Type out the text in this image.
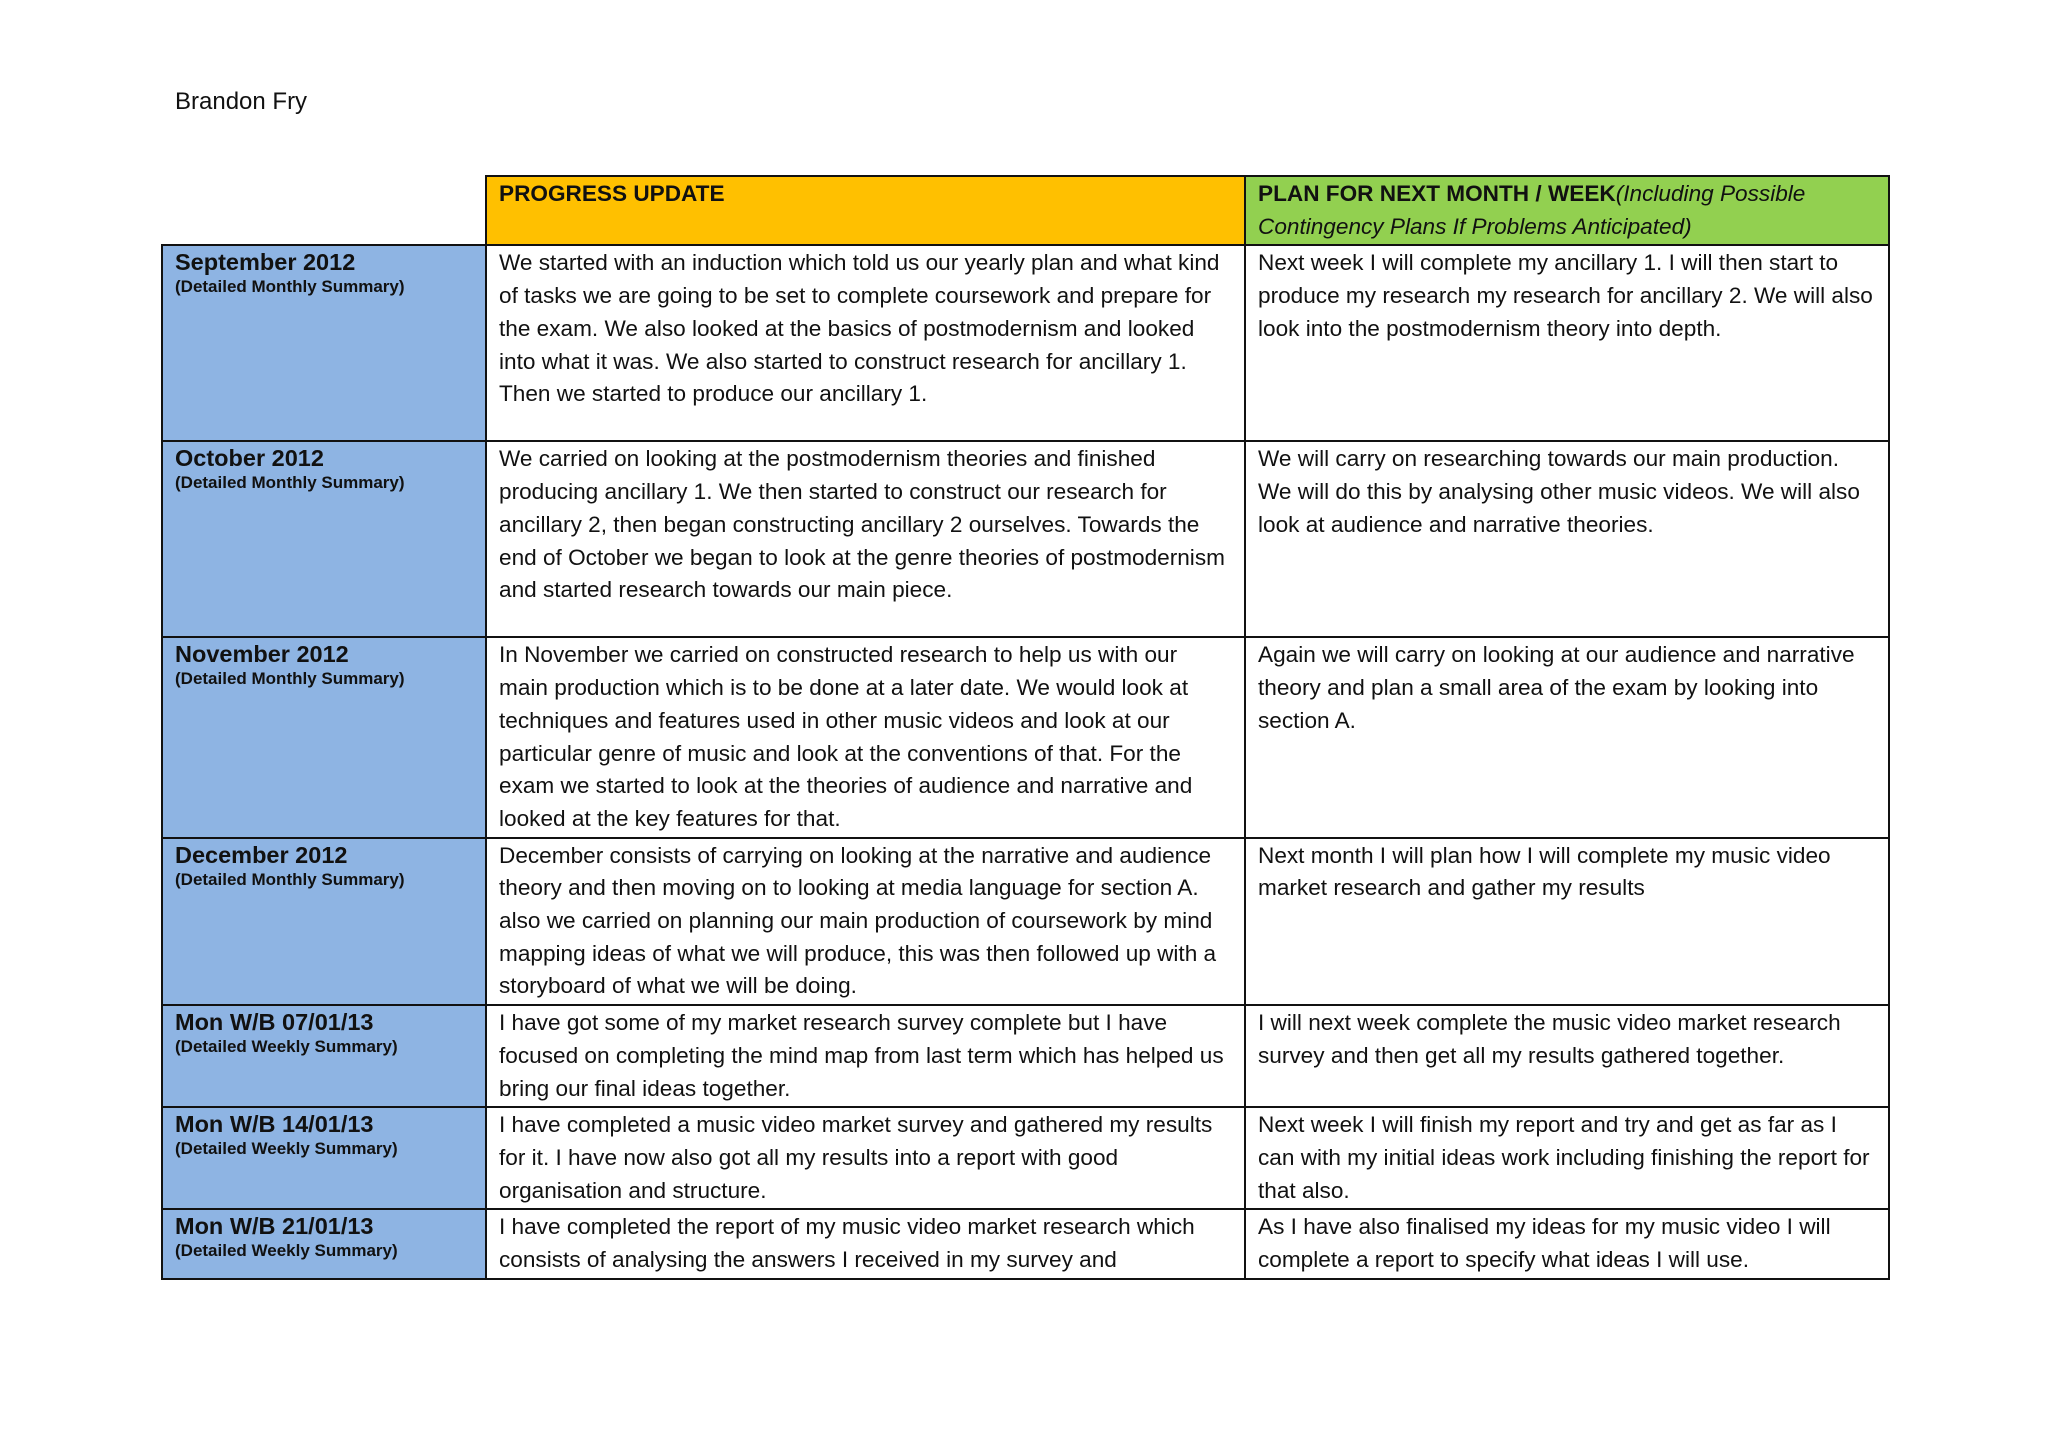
Brandon Fry
	PROGRESS UPDATE	PLAN FOR NEXT MONTH / WEEK(Including Possible Contingency Plans If Problems Anticipated)

September 2012
(Detailed Monthly Summary)	We started with an induction which told us our yearly plan and what kind of tasks we are going to be set to complete coursework and prepare for the exam. We also looked at the basics of postmodernism and looked into what it was. We also started to construct research for ancillary 1. Then we started to produce our ancillary 1.	Next week I will complete my ancillary 1. I will then start to produce my research my research for ancillary 2. We will also look into the postmodernism theory into depth.

October 2012
(Detailed Monthly Summary)	We carried on looking at the postmodernism theories and finished producing ancillary 1. We then started to construct our research for ancillary 2, then began constructing ancillary 2 ourselves. Towards the end of October we began to look at the genre theories of postmodernism and started research towards our main piece.	We will carry on researching towards our main production. We will do this by analysing other music videos. We will also look at audience and narrative theories.

November 2012
(Detailed Monthly Summary)	In November we carried on constructed research to help us with our main production which is to be done at a later date. We would look at techniques and features used in other music videos and look at our particular genre of music and look at the conventions of that. For the exam we started to look at the theories of audience and narrative and looked at the key features for that.	Again we will carry on looking at our audience and narrative theory and plan a small area of the exam by looking into section A.

December 2012
(Detailed Monthly Summary)	December consists of carrying on looking at the narrative and audience theory and then moving on to looking at media language for section A. also we carried on planning our main production of coursework by mind mapping ideas of what we will produce, this was then followed up with a storyboard of what we will be doing.	Next month I will plan how I will complete my music video market research and gather my results

Mon W/B 07/01/13
(Detailed Weekly Summary)	I have got some of my market research survey complete but I have focused on completing the mind map from last term which has helped us bring our final ideas together.	I will next week complete the music video market research survey and then get all my results gathered together.

Mon W/B 14/01/13
(Detailed Weekly Summary)	I have completed a music video market survey and gathered my results for it. I have now also got all my results into a report with good organisation and structure.	Next week I will finish my report and try and get as far as I can with my initial ideas work including finishing the report for that also.

Mon W/B 21/01/13
(Detailed Weekly Summary)	I have completed the report of my music video market research which consists of analysing the answers I received in my survey and	As I have also finalised my ideas for my music video I will complete a report to specify what ideas I will use.
